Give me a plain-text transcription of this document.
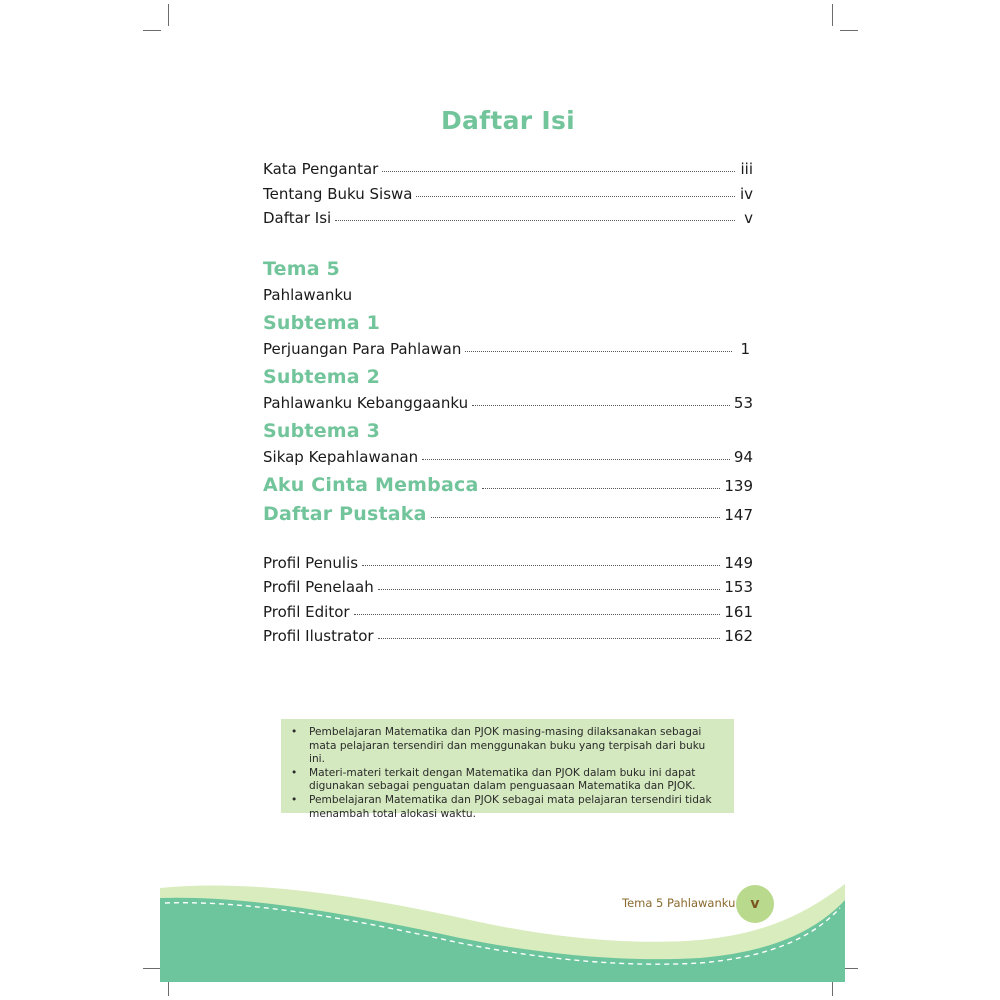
Daftar Isi
Kata Pengantar	iii
Tentang Buku Siswa	iv
Daftar Isi	v
Tema 5
Pahlawanku
Subtema 1
Perjuangan Para Pahlawan	1
Subtema 2
Pahlawanku Kebanggaanku	53
Subtema 3
Sikap Kepahlawanan	94
Aku Cinta Membaca	139
Daftar Pustaka	147
Profil Penulis	149
Profil Penelaah	153
Profil Editor	161
Profil Ilustrator	162
• Pembelajaran Matematika dan PJOK masing-masing dilaksanakan sebagai mata pelajaran tersendiri dan menggunakan buku yang terpisah dari buku ini.
• Materi-materi terkait dengan Matematika dan PJOK dalam buku ini dapat digunakan sebagai penguatan dalam penguasaan Matematika dan PJOK.
• Pembelajaran Matematika dan PJOK sebagai mata pelajaran tersendiri tidak menambah total alokasi waktu.
Tema 5 Pahlawanku v
